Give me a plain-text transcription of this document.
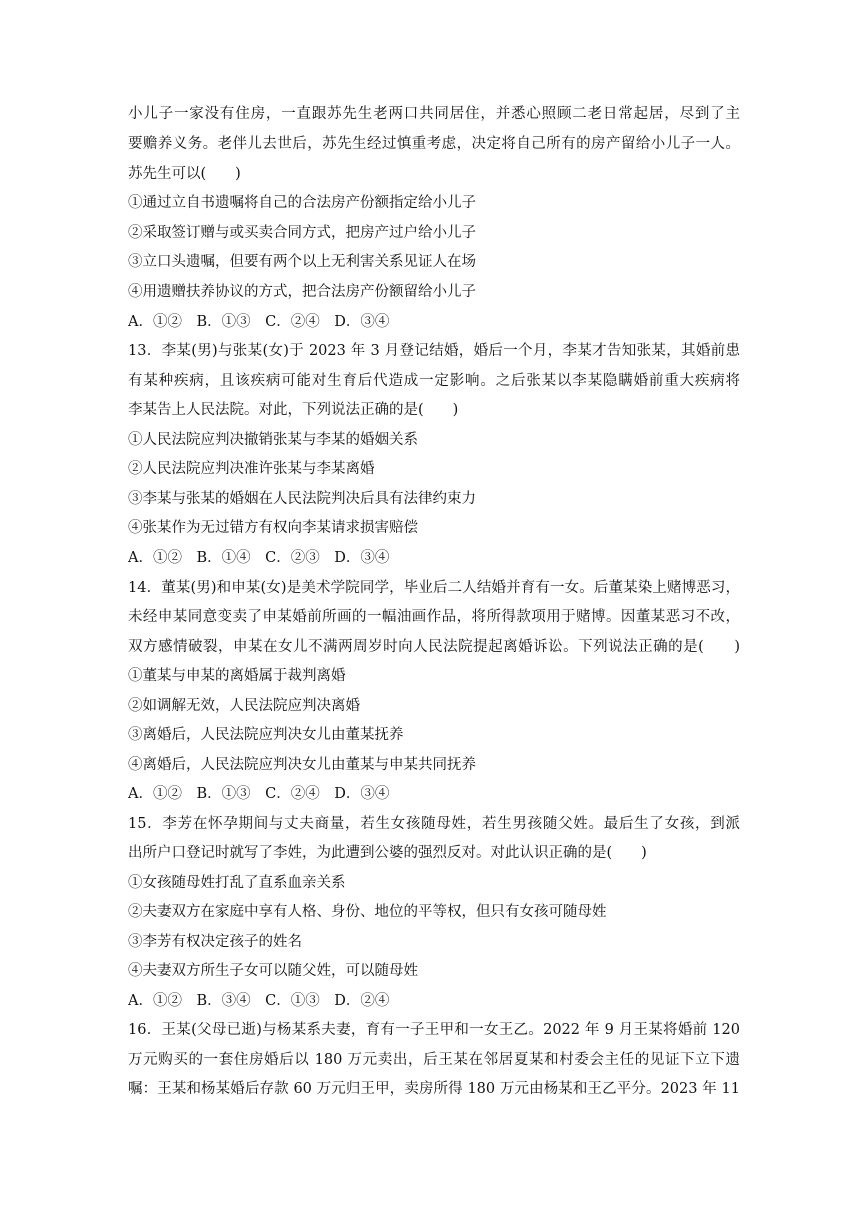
小儿子一家没有住房，一直跟苏先生老两口共同居住，并悉心照顾二老日常起居，尽到了主
要赡养义务。老伴儿去世后，苏先生经过慎重考虑，决定将自己所有的房产留给小儿子一人。
苏先生可以(　　)
①通过立自书遗嘱将自己的合法房产份额指定给小儿子
②采取签订赠与或买卖合同方式，把房产过户给小儿子
③立口头遗嘱，但要有两个以上无利害关系见证人在场
④用遗赠扶养协议的方式，把合法房产份额留给小儿子
A．①②　B．①③　C．②④　D．③④
13．李某(男)与张某(女)于 2023 年 3 月登记结婚，婚后一个月，李某才告知张某，其婚前患
有某种疾病，且该疾病可能对生育后代造成一定影响。之后张某以李某隐瞒婚前重大疾病将
李某告上人民法院。对此，下列说法正确的是(　　)
①人民法院应判决撤销张某与李某的婚姻关系
②人民法院应判决准许张某与李某离婚
③李某与张某的婚姻在人民法院判决后具有法律约束力
④张某作为无过错方有权向李某请求损害赔偿
A．①②　B．①④　C．②③　D．③④
14．董某(男)和申某(女)是美术学院同学，毕业后二人结婚并育有一女。后董某染上赌博恶习，
未经申某同意变卖了申某婚前所画的一幅油画作品，将所得款项用于赌博。因董某恶习不改，
双方感情破裂，申某在女儿不满两周岁时向人民法院提起离婚诉讼。下列说法正确的是(　　)
①董某与申某的离婚属于裁判离婚
②如调解无效，人民法院应判决离婚
③离婚后，人民法院应判决女儿由董某抚养
④离婚后，人民法院应判决女儿由董某与申某共同抚养
A．①②　B．①③　C．②④　D．③④
15．李芳在怀孕期间与丈夫商量，若生女孩随母姓，若生男孩随父姓。最后生了女孩，到派
出所户口登记时就写了李姓，为此遭到公婆的强烈反对。对此认识正确的是(　　)
①女孩随母姓打乱了直系血亲关系
②夫妻双方在家庭中享有人格、身份、地位的平等权，但只有女孩可随母姓
③李芳有权决定孩子的姓名
④夫妻双方所生子女可以随父姓，可以随母姓
A．①②　B．③④　C．①③　D．②④
16．王某(父母已逝)与杨某系夫妻，育有一子王甲和一女王乙。2022 年 9 月王某将婚前 120
万元购买的一套住房婚后以 180 万元卖出，后王某在邻居夏某和村委会主任的见证下立下遗
嘱：王某和杨某婚后存款 60 万元归王甲，卖房所得 180 万元由杨某和王乙平分。2023 年 11
